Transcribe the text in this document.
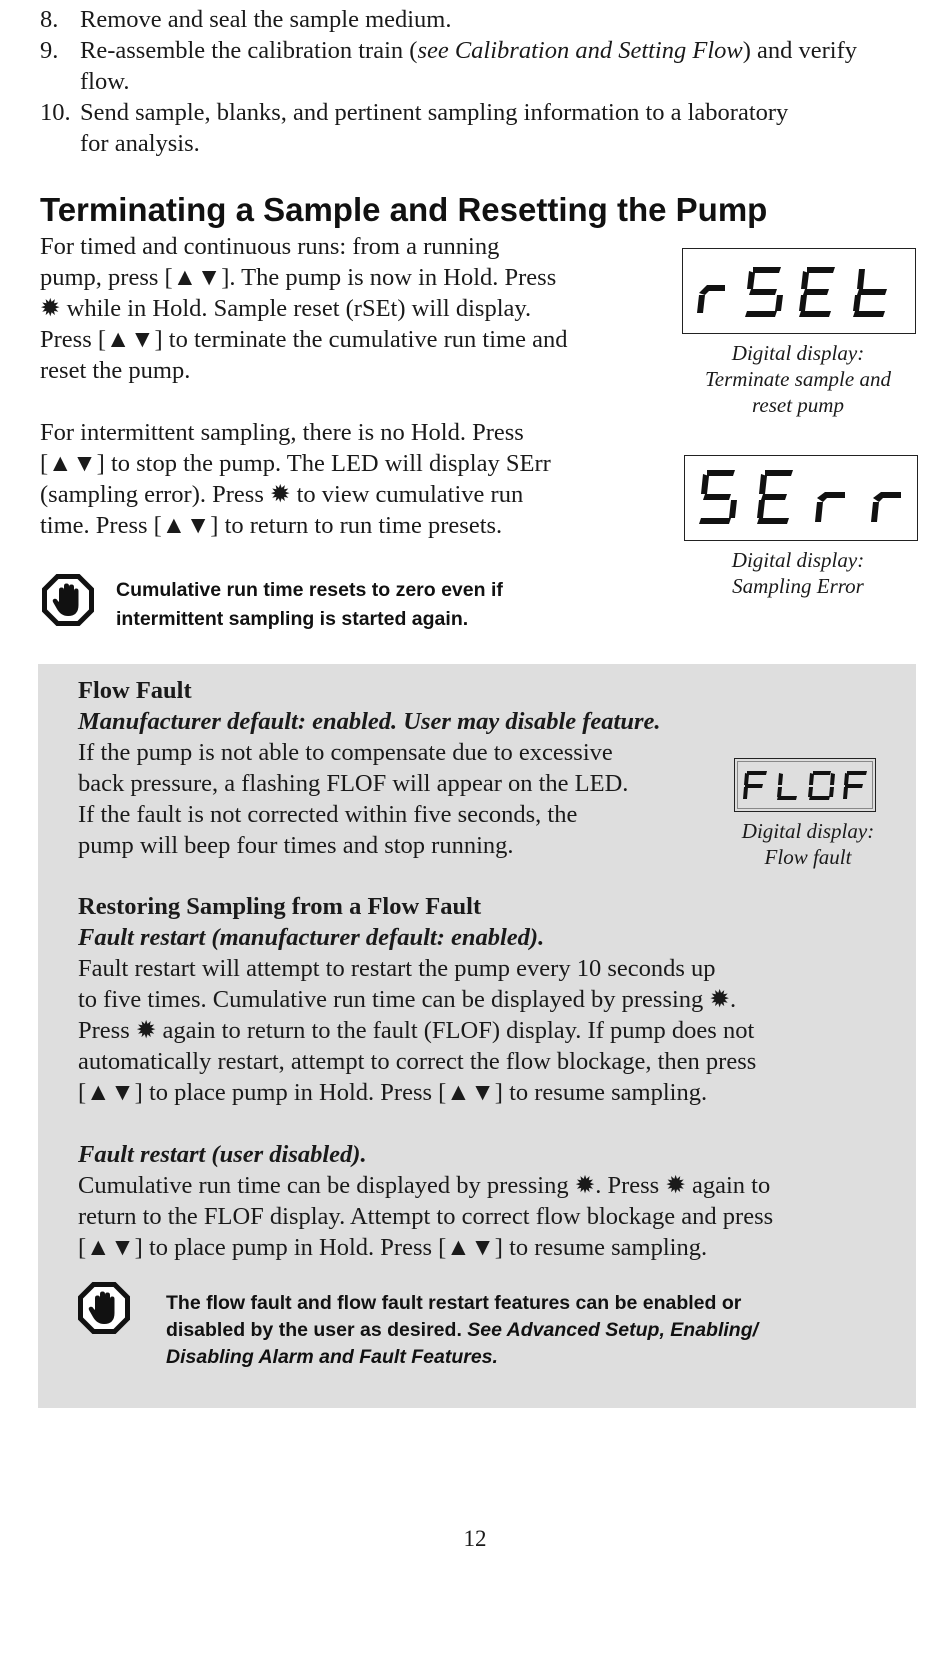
8. Remove and seal the sample medium.
9. Re-assemble the calibration train (see Calibration and Setting Flow) and verify
flow.
10. Send sample, blanks, and pertinent sampling information to a laboratory
for analysis.
Terminating a Sample and Resetting the Pump
For timed and continuous runs: from a running
pump, press [▲▼]. The pump is now in Hold. Press
✹ while in Hold. Sample reset (rSEt) will display.
Press [▲▼] to terminate the cumulative run time and
reset the pump.
For intermittent sampling, there is no Hold. Press
[▲▼] to stop the pump. The LED will display SErr
(sampling error). Press ✹ to view cumulative run
time. Press [▲▼] to return to run time presets.
Cumulative run time resets to zero even if
intermittent sampling is started again.
Digital display:
Terminate sample and
reset pump
Digital display:
Sampling Error
Flow Fault
Manufacturer default: enabled. User may disable feature.
If the pump is not able to compensate due to excessive
back pressure, a flashing FLOF will appear on the LED.
If the fault is not corrected within five seconds, the
pump will beep four times and stop running.
Digital display:
Flow fault
Restoring Sampling from a Flow Fault
Fault restart (manufacturer default: enabled).
Fault restart will attempt to restart the pump every 10 seconds up
to five times. Cumulative run time can be displayed by pressing ✹.
Press ✹ again to return to the fault (FLOF) display. If pump does not
automatically restart, attempt to correct the flow blockage, then press
[▲▼] to place pump in Hold. Press [▲▼] to resume sampling.
Fault restart (user disabled).
Cumulative run time can be displayed by pressing ✹. Press ✹ again to
return to the FLOF display. Attempt to correct flow blockage and press
[▲▼] to place pump in Hold. Press [▲▼] to resume sampling.
The flow fault and flow fault restart features can be enabled or
disabled by the user as desired. See Advanced Setup, Enabling/
Disabling Alarm and Fault Features.
12
